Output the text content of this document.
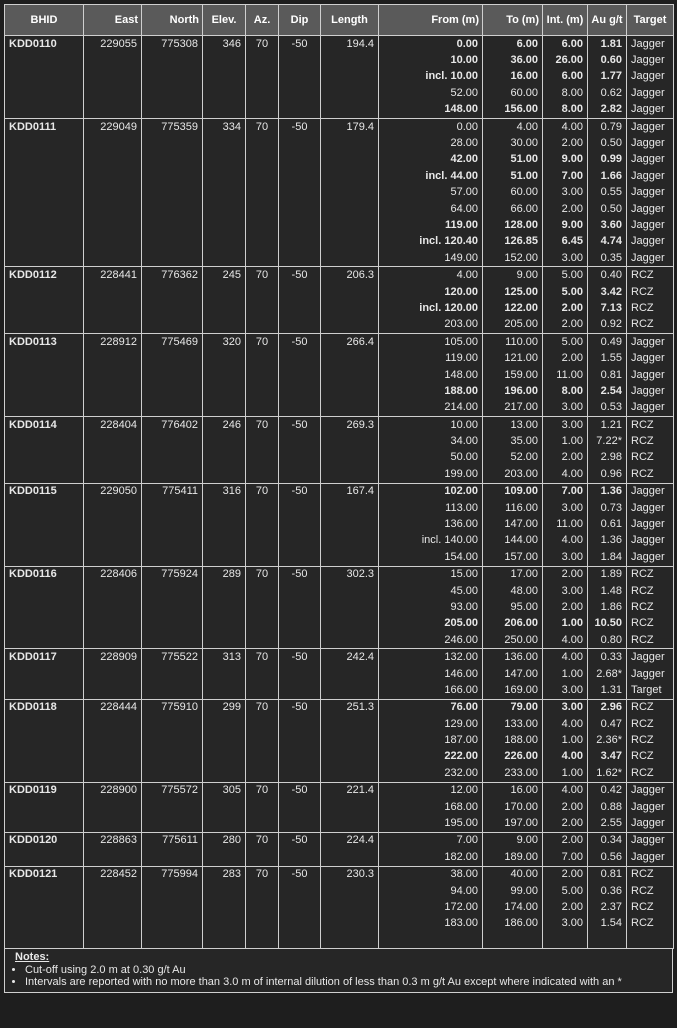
BHID	East	North	Elev.	Az.	Dip	Length	From (m)	To (m)	Int. (m)	Au g/t	Target
KDD0110	229055	775308	346	70	-50	194.4	0.00	6.00	6.00	1.81	Jagger
							10.00	36.00	26.00	0.60	Jagger
							incl. 10.00	16.00	6.00	1.77	Jagger
							52.00	60.00	8.00	0.62	Jagger
							148.00	156.00	8.00	2.82	Jagger
KDD0111	229049	775359	334	70	-50	179.4	0.00	4.00	4.00	0.79	Jagger
							28.00	30.00	2.00	0.50	Jagger
							42.00	51.00	9.00	0.99	Jagger
							incl. 44.00	51.00	7.00	1.66	Jagger
							57.00	60.00	3.00	0.55	Jagger
							64.00	66.00	2.00	0.50	Jagger
							119.00	128.00	9.00	3.60	Jagger
							incl. 120.40	126.85	6.45	4.74	Jagger
							149.00	152.00	3.00	0.35	Jagger
KDD0112	228441	776362	245	70	-50	206.3	4.00	9.00	5.00	0.40	RCZ
							120.00	125.00	5.00	3.42	RCZ
							incl. 120.00	122.00	2.00	7.13	RCZ
							203.00	205.00	2.00	0.92	RCZ
KDD0113	228912	775469	320	70	-50	266.4	105.00	110.00	5.00	0.49	Jagger
							119.00	121.00	2.00	1.55	Jagger
							148.00	159.00	11.00	0.81	Jagger
							188.00	196.00	8.00	2.54	Jagger
							214.00	217.00	3.00	0.53	Jagger
KDD0114	228404	776402	246	70	-50	269.3	10.00	13.00	3.00	1.21	RCZ
							34.00	35.00	1.00	7.22*	RCZ
							50.00	52.00	2.00	2.98	RCZ
							199.00	203.00	4.00	0.96	RCZ
KDD0115	229050	775411	316	70	-50	167.4	102.00	109.00	7.00	1.36	Jagger
							113.00	116.00	3.00	0.73	Jagger
							136.00	147.00	11.00	0.61	Jagger
							incl. 140.00	144.00	4.00	1.36	Jagger
							154.00	157.00	3.00	1.84	Jagger
KDD0116	228406	775924	289	70	-50	302.3	15.00	17.00	2.00	1.89	RCZ
							45.00	48.00	3.00	1.48	RCZ
							93.00	95.00	2.00	1.86	RCZ
							205.00	206.00	1.00	10.50	RCZ
							246.00	250.00	4.00	0.80	RCZ
KDD0117	228909	775522	313	70	-50	242.4	132.00	136.00	4.00	0.33	Jagger
							146.00	147.00	1.00	2.68*	Jagger
							166.00	169.00	3.00	1.31	Target
KDD0118	228444	775910	299	70	-50	251.3	76.00	79.00	3.00	2.96	RCZ
							129.00	133.00	4.00	0.47	RCZ
							187.00	188.00	1.00	2.36*	RCZ
							222.00	226.00	4.00	3.47	RCZ
							232.00	233.00	1.00	1.62*	RCZ
KDD0119	228900	775572	305	70	-50	221.4	12.00	16.00	4.00	0.42	Jagger
							168.00	170.00	2.00	0.88	Jagger
							195.00	197.00	2.00	2.55	Jagger
KDD0120	228863	775611	280	70	-50	224.4	7.00	9.00	2.00	0.34	Jagger
							182.00	189.00	7.00	0.56	Jagger
KDD0121	228452	775994	283	70	-50	230.3	38.00	40.00	2.00	0.81	RCZ
							94.00	99.00	5.00	0.36	RCZ
							172.00	174.00	2.00	2.37	RCZ
							183.00	186.00	3.00	1.54	RCZ

Notes:
• Cut-off using 2.0 m at 0.30 g/t Au
• Intervals are reported with no more than 3.0 m of internal dilution of less than 0.3 m g/t Au except where indicated with an *
